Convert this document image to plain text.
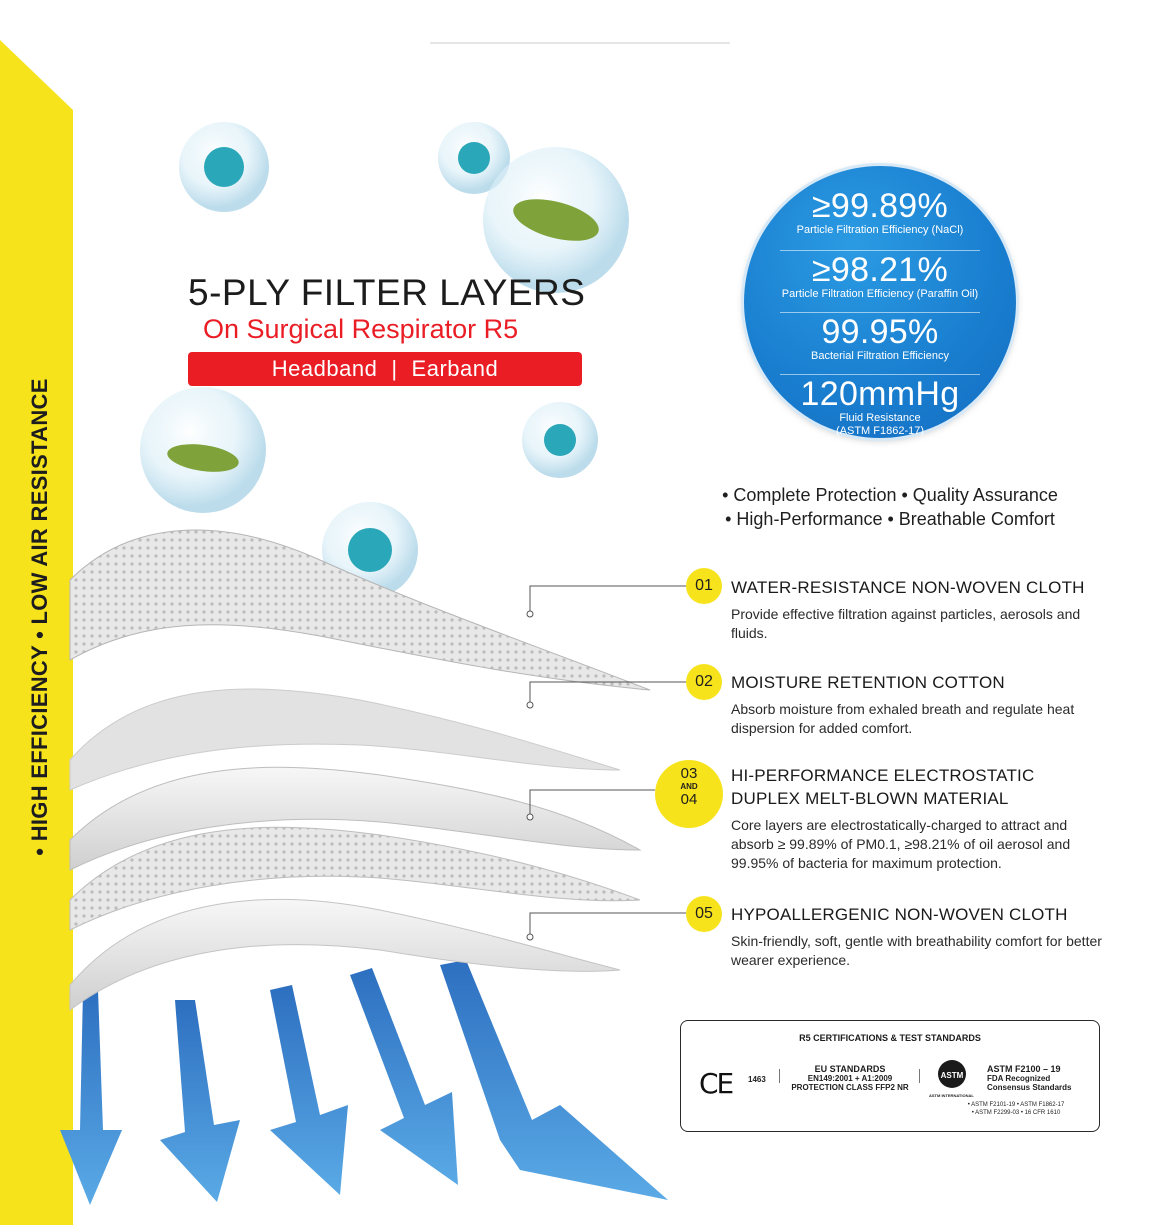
• HIGH EFFICIENCY • LOW AIR RESISTANCE
5-PLY FILTER LAYERS
On Surgical Respirator R5
Headband | Earband
≥99.89%
Particle Filtration Efficiency (NaCl)
≥98.21%
Particle Filtration Efficiency (Paraffin Oil)
99.95%
Bacterial Filtration Efficiency
120mmHg
Fluid Resistance
(ASTM F1862-17)
• Complete Protection • Quality Assurance
• High-Performance • Breathable Comfort
01	WATER-RESISTANCE NON-WOVEN CLOTH
Provide effective filtration against particles, aerosols and fluids.
02	MOISTURE RETENTION COTTON
Absorb moisture from exhaled breath and regulate heat dispersion for added comfort.
03
AND
04
HI-PERFORMANCE ELECTROSTATIC
DUPLEX MELT-BLOWN MATERIAL
Core layers are electrostatically-charged to attract and absorb ≥ 99.89% of PM0.1, ≥98.21% of oil aerosol and 99.95% of bacteria for maximum protection.
05	HYPOALLERGENIC NON-WOVEN CLOTH
Skin-friendly, soft, gentle with breathability comfort for better wearer experience.
R5 CERTIFICATIONS & TEST STANDARDS
CE 1463
EU STANDARDS
EN149:2001 + A1:2009
PROTECTION CLASS FFP2 NR
ASTM
ASTM INTERNATIONAL
ASTM F2100 – 19
FDA Recognized
Consensus Standards
• ASTM F2101-19 • ASTM F1862-17
• ASTM F2299-03 • 16 CFR 1610
